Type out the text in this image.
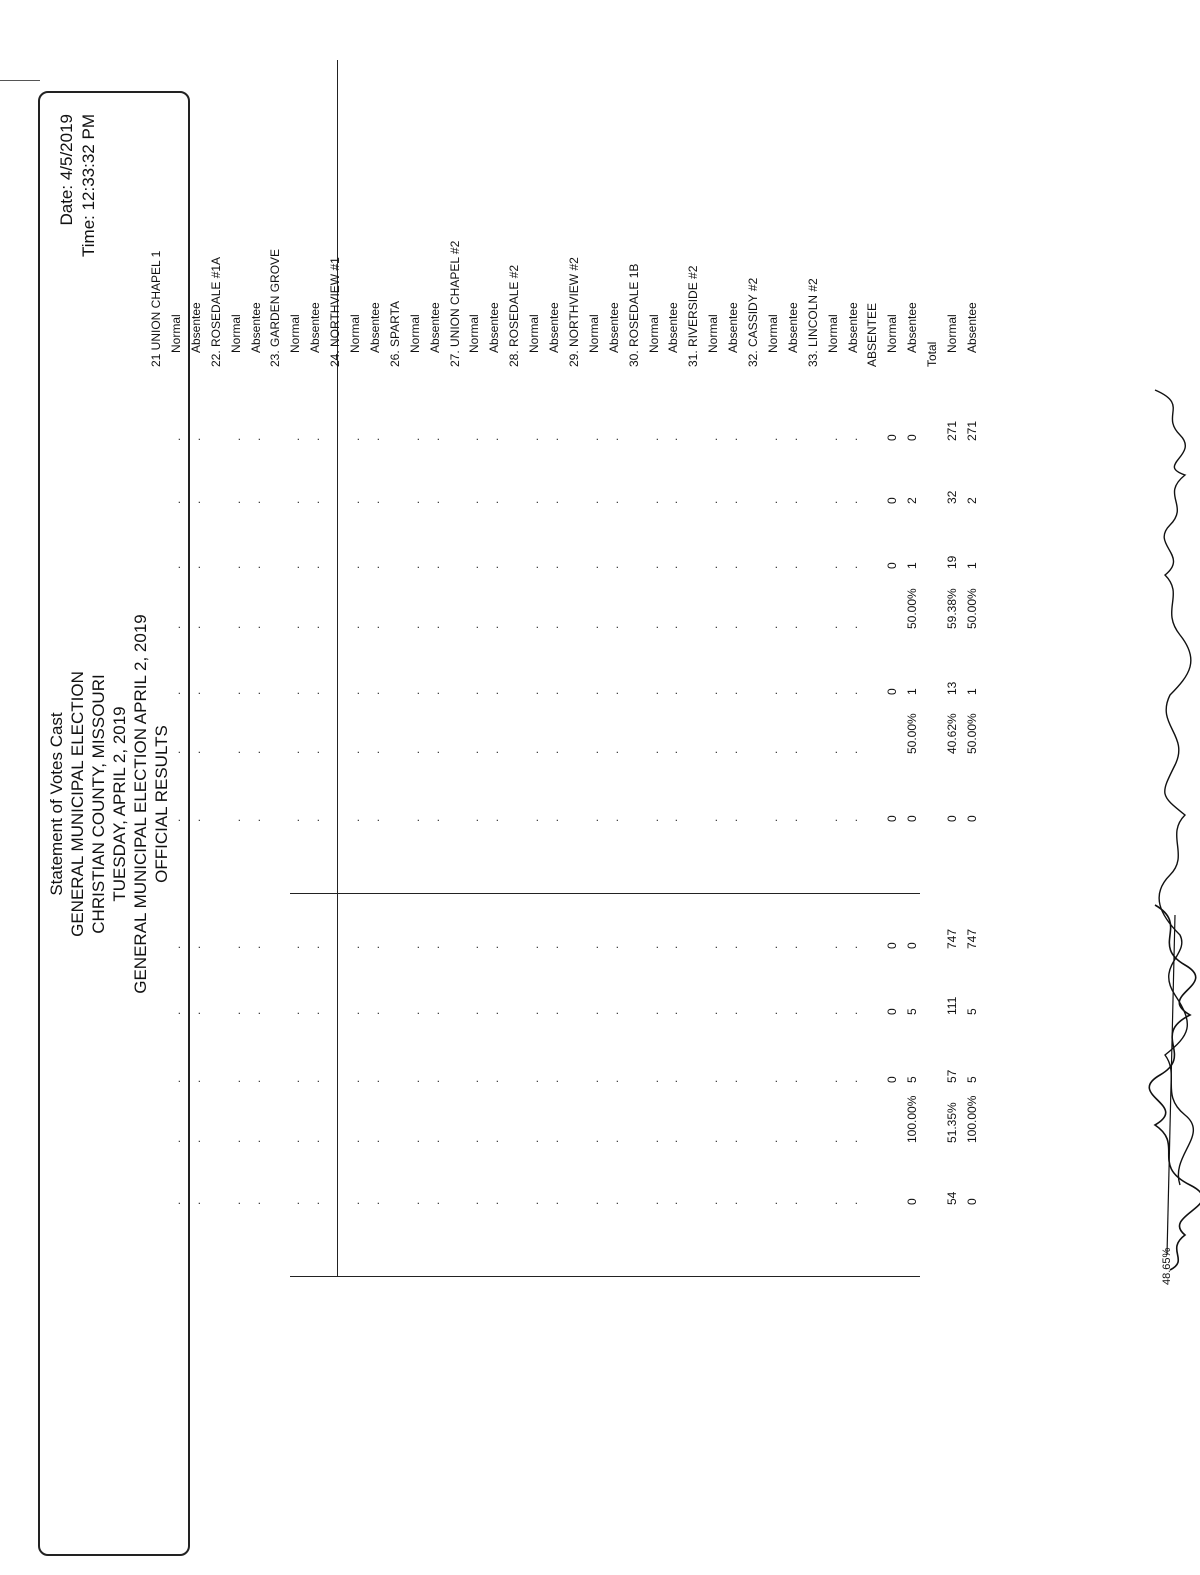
Statement of Votes Cast GENERAL MUNICIPAL ELECTION CHRISTIAN COUNTY, MISSOURI TUESDAY, APRIL 2, 2019 GENERAL MUNICIPAL ELECTION APRIL 2, 2019 OFFICIAL RESULTS
Date: 4/5/2019 Time: 12:33:32 PM
21 UNION CHAPEL 1 Normal
.
.
.
.
.
.
.
.
.
.
.
.
Absentee
.
.
.
.
.
.
.
.
.
.
.
.
22. ROSEDALE #1A Normal
.
.
.
.
.
.
.
.
.
.
.
.
Absentee
.
.
.
.
.
.
.
.
.
.
.
.
23. GARDEN GROVE Normal
.
.
.
.
.
.
.
.
.
.
.
.
Absentee
.
.
.
.
.
.
.
.
.
.
.
.
24. NORTHVIEW #1 Normal
.
.
.
.
.
.
.
.
.
.
.
.
Absentee
.
.
.
.
.
.
.
.
.
.
.
.
26. SPARTA Normal
.
.
.
.
.
.
.
.
.
.
.
.
Absentee
.
.
.
.
.
.
.
.
.
.
.
.
27. UNION CHAPEL #2 Normal
.
.
.
.
.
.
.
.
.
.
.
.
Absentee
.
.
.
.
.
.
.
.
.
.
.
.
28. ROSEDALE #2 Normal
.
.
.
.
.
.
.
.
.
.
.
.
Absentee
.
.
.
.
.
.
.
.
.
.
.
.
29. NORTHVIEW #2 Normal
.
.
.
.
.
.
.
.
.
.
.
.
Absentee
.
.
.
.
.
.
.
.
.
.
.
.
30. ROSEDALE 1B Normal
.
.
.
.
.
.
.
.
.
.
.
.
Absentee
.
.
.
.
.
.
.
.
.
.
.
.
31. RIVERSIDE #2 Normal
.
.
.
.
.
.
.
.
.
.
.
.
Absentee
.
.
.
.
.
.
.
.
.
.
.
.
32. CASSIDY #2 Normal
.
.
.
.
.
.
.
.
.
.
.
.
Absentee
.
.
.
.
.
.
.
.
.
.
.
.
33. LINCOLN #2 Normal
.
.
.
.
.
.
.
.
.
.
.
.
Absentee
.
.
.
.
.
.
.
.
.
.
.
.
ABSENTEE Normal
0
0
0
0
0
0
0
0
Absentee
0
2
1
50.00%
1
50.00%
0
0
5
5
100.00%
0
Total
Normal
271
32
19
59.38%
13
40.62%
0
747
111
57
51.35%
54
Absentee
271
2
1
50.00%
1
50.00%
0
747
5
5
100.00%
0
48.65%
